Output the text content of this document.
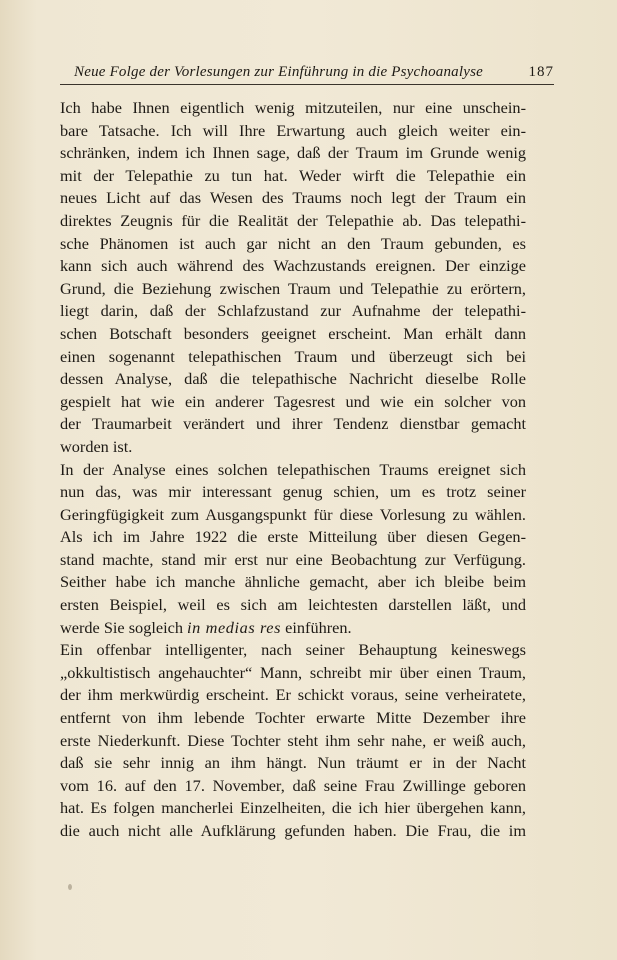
Neue Folge der Vorlesungen zur Einführung in die Psychoanalyse	187
Ich habe Ihnen eigentlich wenig mitzuteilen, nur eine unschein-
bare Tatsache. Ich will Ihre Erwartung auch gleich weiter ein-
schränken, indem ich Ihnen sage, daß der Traum im Grunde wenig
mit der Telepathie zu tun hat. Weder wirft die Telepathie ein
neues Licht auf das Wesen des Traums noch legt der Traum ein
direktes Zeugnis für die Realität der Telepathie ab. Das telepathi-
sche Phänomen ist auch gar nicht an den Traum gebunden, es
kann sich auch während des Wachzustands ereignen. Der einzige
Grund, die Beziehung zwischen Traum und Telepathie zu erörtern,
liegt darin, daß der Schlafzustand zur Aufnahme der telepathi-
schen Botschaft besonders geeignet erscheint. Man erhält dann
einen sogenannt telepathischen Traum und überzeugt sich bei
dessen Analyse, daß die telepathische Nachricht dieselbe Rolle
gespielt hat wie ein anderer Tagesrest und wie ein solcher von
der Traumarbeit verändert und ihrer Tendenz dienstbar gemacht
worden ist.
In der Analyse eines solchen telepathischen Traums ereignet sich
nun das, was mir interessant genug schien, um es trotz seiner
Geringfügigkeit zum Ausgangspunkt für diese Vorlesung zu wählen.
Als ich im Jahre 1922 die erste Mitteilung über diesen Gegen-
stand machte, stand mir erst nur eine Beobachtung zur Verfügung.
Seither habe ich manche ähnliche gemacht, aber ich bleibe beim
ersten Beispiel, weil es sich am leichtesten darstellen läßt, und
werde Sie sogleich in medias res einführen.
Ein offenbar intelligenter, nach seiner Behauptung keineswegs
„okkultistisch angehauchter“ Mann, schreibt mir über einen Traum,
der ihm merkwürdig erscheint. Er schickt voraus, seine verheiratete,
entfernt von ihm lebende Tochter erwarte Mitte Dezember ihre
erste Niederkunft. Diese Tochter steht ihm sehr nahe, er weiß auch,
daß sie sehr innig an ihm hängt. Nun träumt er in der Nacht
vom 16. auf den 17. November, daß seine Frau Zwillinge geboren
hat. Es folgen mancherlei Einzelheiten, die ich hier übergehen kann,
die auch nicht alle Aufklärung gefunden haben. Die Frau, die im
